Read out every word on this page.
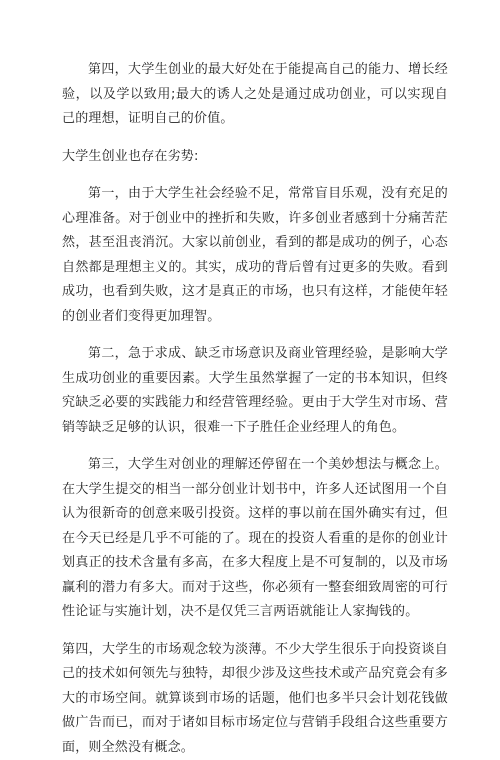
第四，大学生创业的最大好处在于能提高自己的能力、增长经验，以及学以致用;最大的诱人之处是通过成功创业，可以实现自己的理想，证明自己的价值。

大学生创业也存在劣势:

第一，由于大学生社会经验不足，常常盲目乐观，没有充足的心理准备。对于创业中的挫折和失败，许多创业者感到十分痛苦茫然，甚至沮丧消沉。大家以前创业，看到的都是成功的例子，心态自然都是理想主义的。其实，成功的背后曾有过更多的失败。看到成功，也看到失败，这才是真正的市场，也只有这样，才能使年轻的创业者们变得更加理智。

第二，急于求成、缺乏市场意识及商业管理经验，是影响大学生成功创业的重要因素。大学生虽然掌握了一定的书本知识，但终究缺乏必要的实践能力和经营管理经验。更由于大学生对市场、营销等缺乏足够的认识，很难一下子胜任企业经理人的角色。

第三，大学生对创业的理解还停留在一个美妙想法与概念上。在大学生提交的相当一部分创业计划书中，许多人还试图用一个自认为很新奇的创意来吸引投资。这样的事以前在国外确实有过，但在今天已经是几乎不可能的了。现在的投资人看重的是你的创业计划真正的技术含量有多高，在多大程度上是不可复制的，以及市场赢利的潜力有多大。而对于这些，你必须有一整套细致周密的可行性论证与实施计划，决不是仅凭三言两语就能让人家掏钱的。

第四，大学生的市场观念较为淡薄。不少大学生很乐于向投资谈自己的技术如何领先与独特，却很少涉及这些技术或产品究竟会有多大的市场空间。就算谈到市场的话题，他们也多半只会计划花钱做做广告而已，而对于诸如目标市场定位与营销手段组合这些重要方面，则全然没有概念。
